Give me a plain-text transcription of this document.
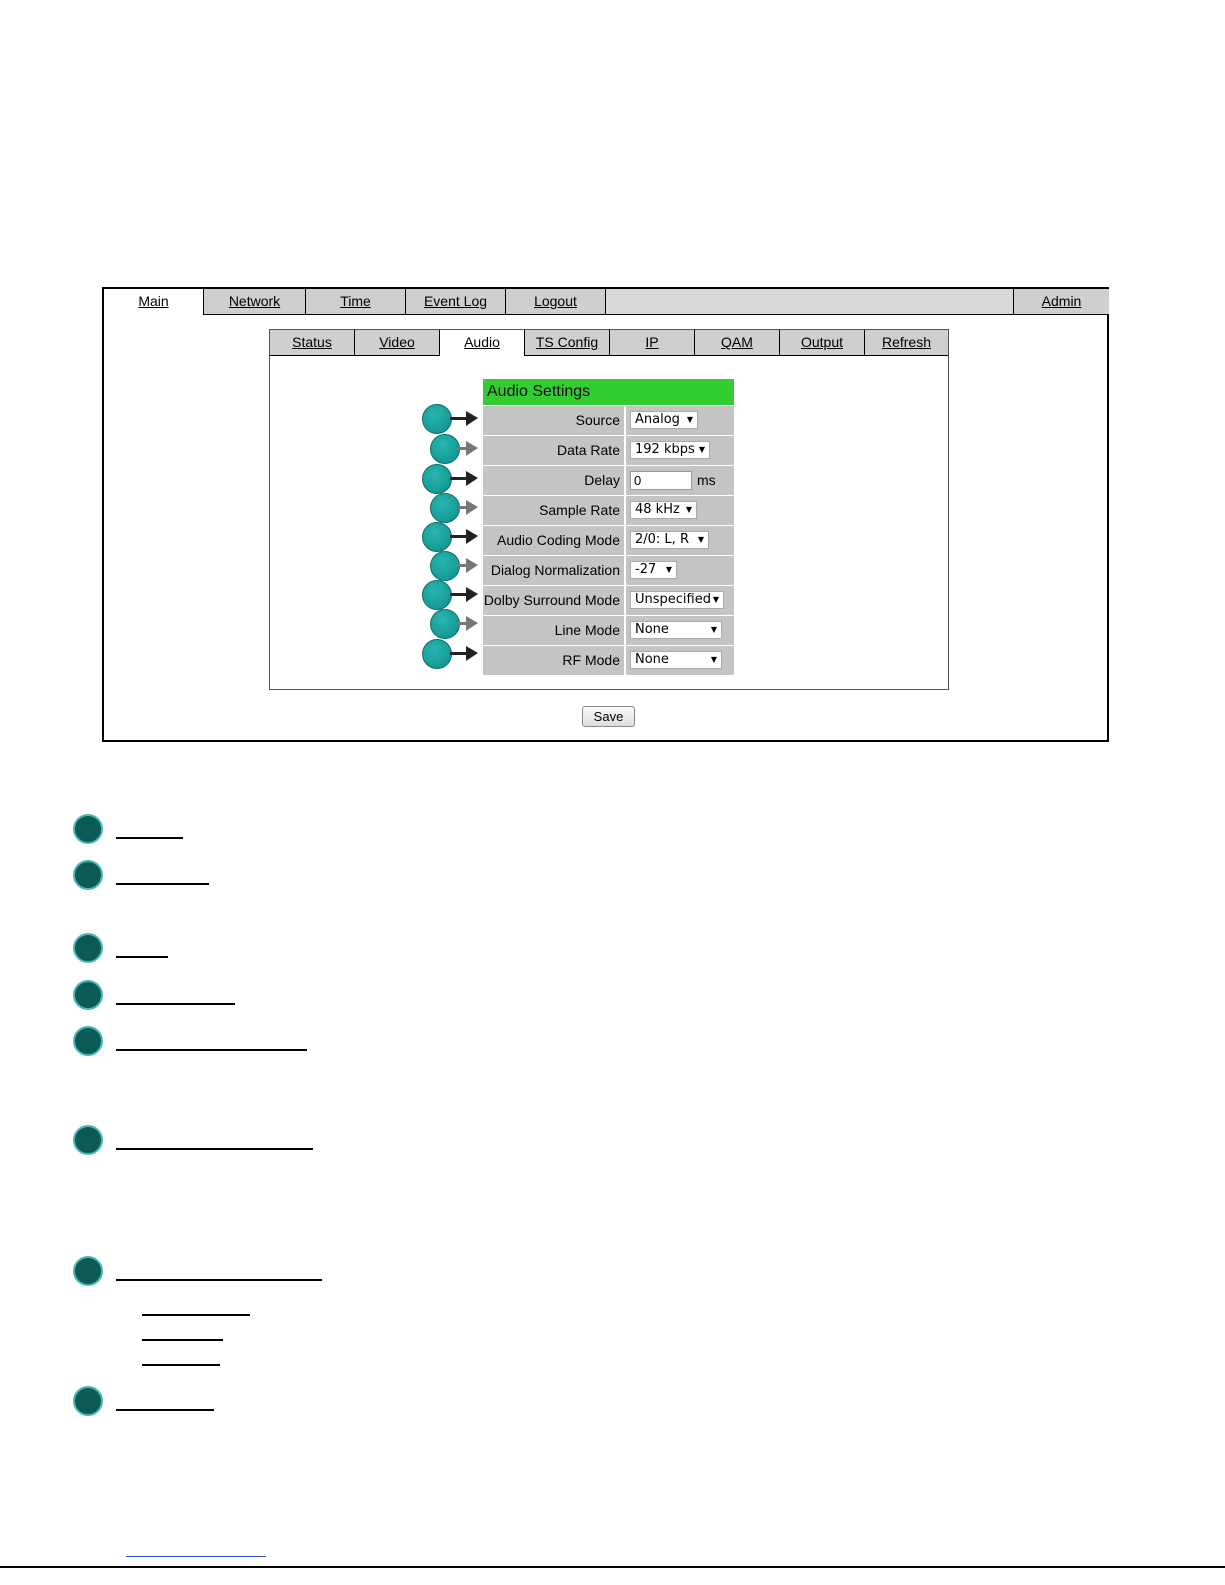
Main	Network	Time	Event Log	Logout	Admin
Status	Video	Audio	TS Config	IP	QAM	Output	Refresh
Audio Settings
Source	Analog ▼
Data Rate	192 kbps ▼
Delay	0	ms
Sample Rate	48 kHz ▼
Audio Coding Mode	2/0: L, R ▼
Dialog Normalization	-27 ▼
Dolby Surround Mode	Unspecified ▼
Line Mode	None	▼
RF Mode	None	▼
Save
